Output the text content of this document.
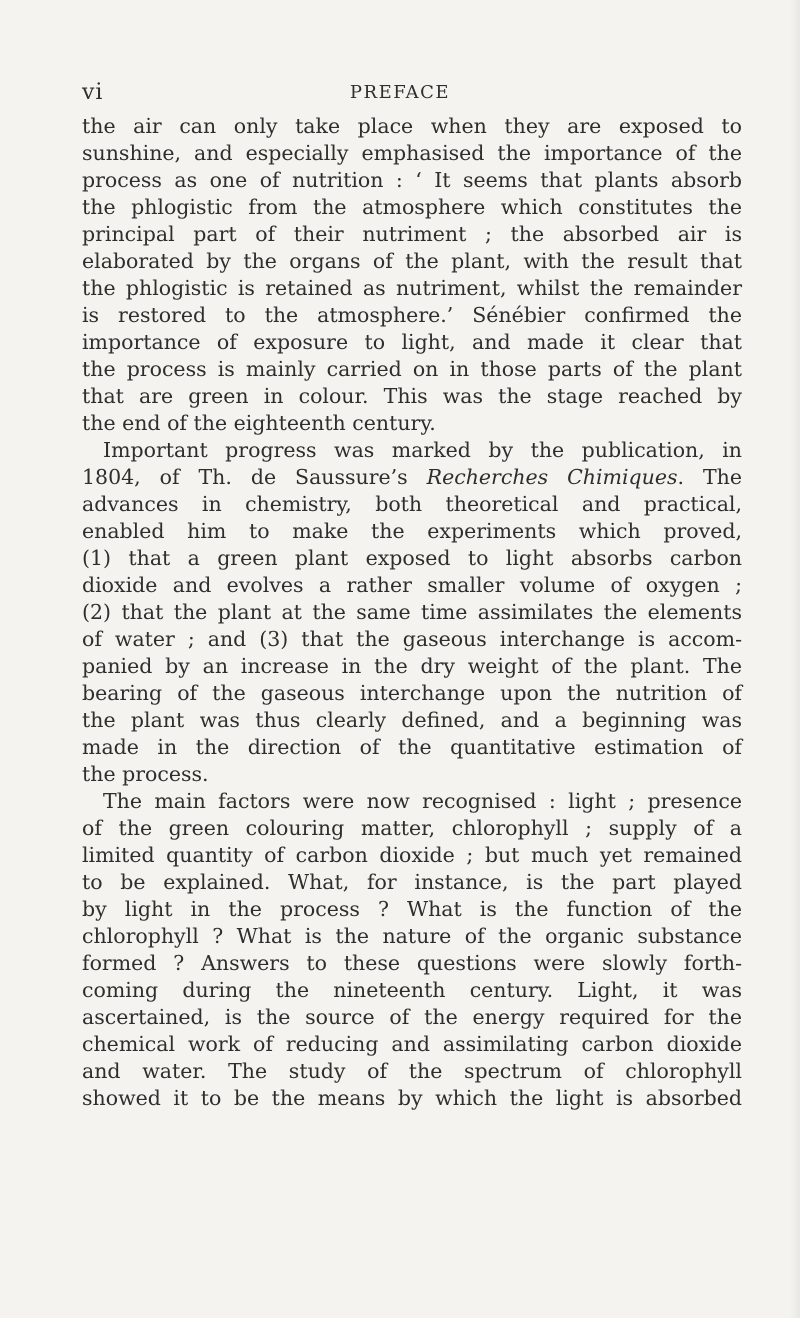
vi	PREFACE
the air can only take place when they are exposed to
sunshine, and especially emphasised the importance of the
process as one of nutrition : ‘ It seems that plants absorb
the phlogistic from the atmosphere which constitutes the
principal part of their nutriment ; the absorbed air is
elaborated by the organs of the plant, with the result that
the phlogistic is retained as nutriment, whilst the remainder
is restored to the atmosphere.’ Sénébier confirmed the
importance of exposure to light, and made it clear that
the process is mainly carried on in those parts of the plant
that are green in colour. This was the stage reached by
the end of the eighteenth century.
Important progress was marked by the publication, in
1804, of Th. de Saussure’s Recherches Chimiques. The
advances in chemistry, both theoretical and practical,
enabled him to make the experiments which proved,
(1) that a green plant exposed to light absorbs carbon
dioxide and evolves a rather smaller volume of oxygen ;
(2) that the plant at the same time assimilates the elements
of water ; and (3) that the gaseous interchange is accom-
panied by an increase in the dry weight of the plant. The
bearing of the gaseous interchange upon the nutrition of
the plant was thus clearly defined, and a beginning was
made in the direction of the quantitative estimation of
the process.
The main factors were now recognised : light ; presence
of the green colouring matter, chlorophyll ; supply of a
limited quantity of carbon dioxide ; but much yet remained
to be explained. What, for instance, is the part played
by light in the process ? What is the function of the
chlorophyll ? What is the nature of the organic substance
formed ? Answers to these questions were slowly forth-
coming during the nineteenth century. Light, it was
ascertained, is the source of the energy required for the
chemical work of reducing and assimilating carbon dioxide
and water. The study of the spectrum of chlorophyll
showed it to be the means by which the light is absorbed
